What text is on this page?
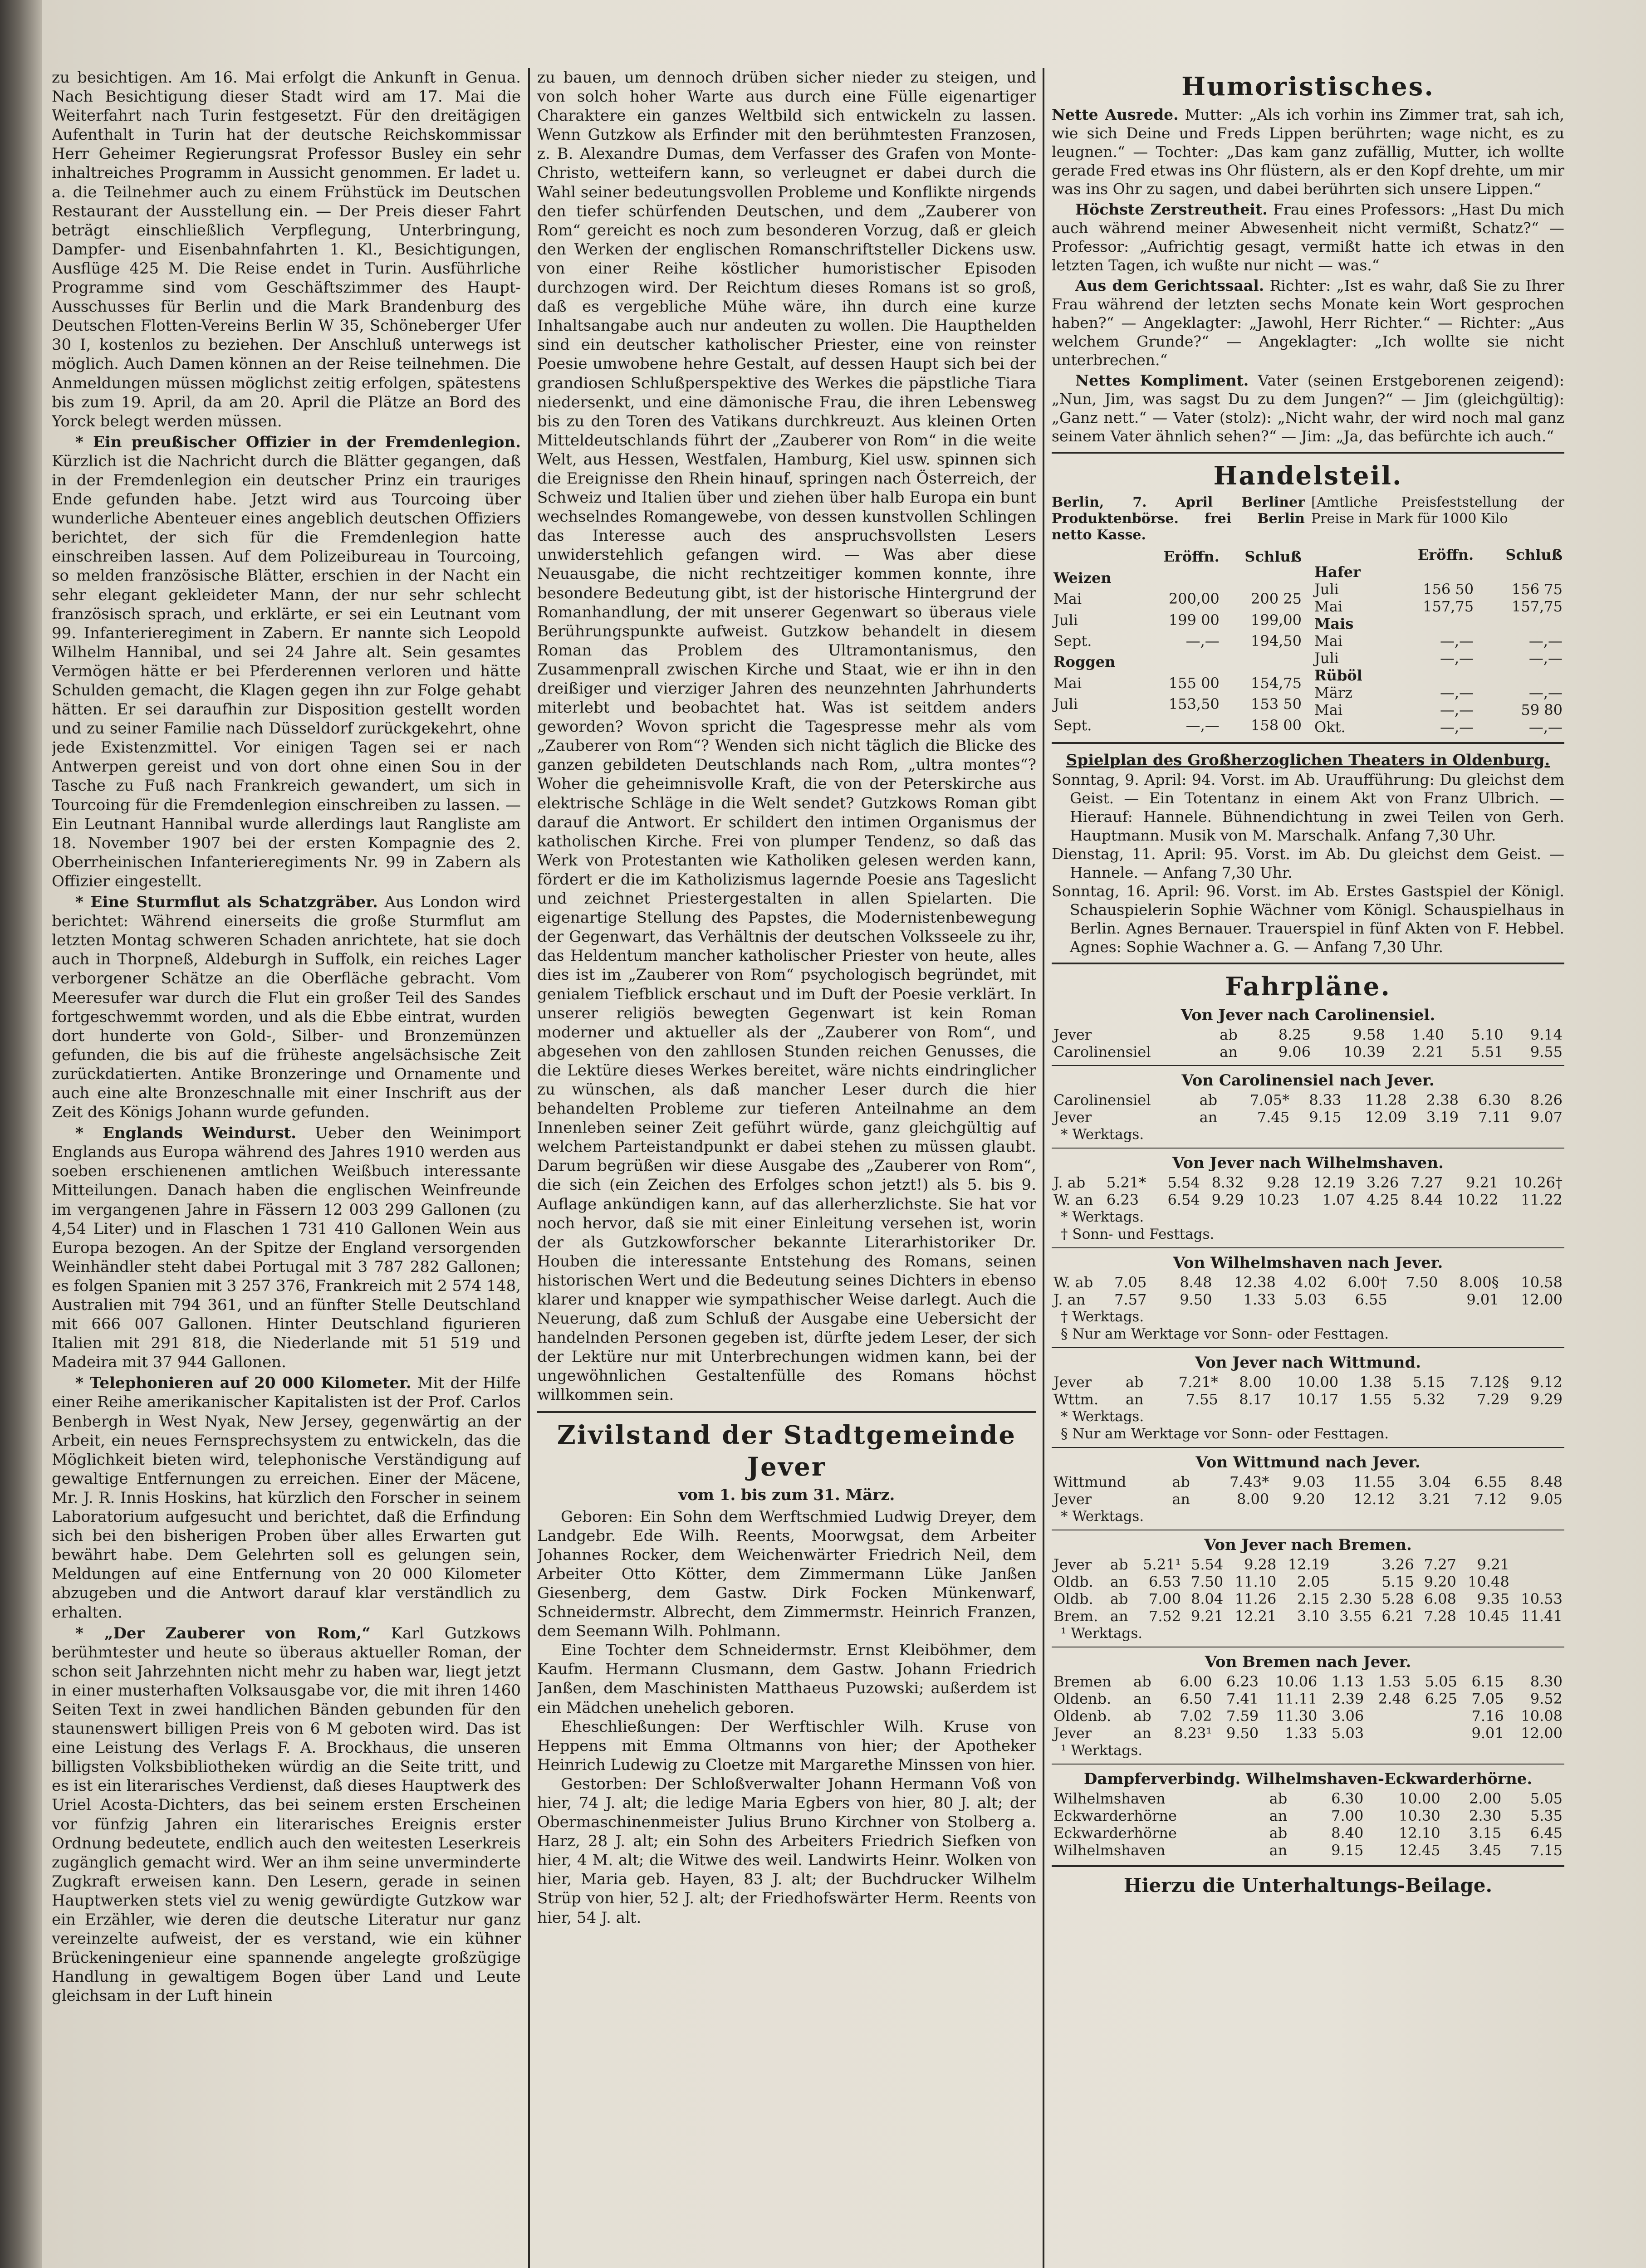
zu besichtigen. Am 16. Mai erfolgt die Ankunft in Genua. Nach Besichtigung dieser Stadt wird am 17. Mai die Weiterfahrt nach Turin festgesetzt. Für den dreitägigen Aufenthalt in Turin hat der deutsche Reichskommissar Herr Geheimer Regierungsrat Professor Busley ein sehr inhaltreiches Programm in Aussicht genommen. Er ladet u. a. die Teilnehmer auch zu einem Frühstück im Deutschen Restaurant der Ausstellung ein. — Der Preis dieser Fahrt beträgt einschließlich Verpflegung, Unterbringung, Dampfer- und Eisenbahnfahrten 1. Kl., Besichtigungen, Ausflüge 425 M. Die Reise endet in Turin. Ausführliche Programme sind vom Geschäftszimmer des Haupt-Ausschusses für Berlin und die Mark Brandenburg des Deutschen Flotten-Vereins Berlin W 35, Schöneberger Ufer 30 I, kostenlos zu beziehen. Der Anschluß unterwegs ist möglich. Auch Damen können an der Reise teilnehmen. Die Anmeldungen müssen möglichst zeitig erfolgen, spätestens bis zum 19. April, da am 20. April die Plätze an Bord des Yorck belegt werden müssen.

* Ein preußischer Offizier in der Fremdenlegion. Kürzlich ist die Nachricht durch die Blätter gegangen, daß in der Fremdenlegion ein deutscher Prinz ein trauriges Ende gefunden habe. Jetzt wird aus Tourcoing über wunderliche Abenteuer eines angeblich deutschen Offiziers berichtet, der sich für die Fremdenlegion hatte einschreiben lassen. Auf dem Polizeibureau in Tourcoing, so melden französische Blätter, erschien in der Nacht ein sehr elegant gekleideter Mann, der nur sehr schlecht französisch sprach, und erklärte, er sei ein Leutnant vom 99. Infanterieregiment in Zabern. Er nannte sich Leopold Wilhelm Hannibal, und sei 24 Jahre alt. Sein gesamtes Vermögen hätte er bei Pferderennen verloren und hätte Schulden gemacht, die Klagen gegen ihn zur Folge gehabt hätten. Er sei daraufhin zur Disposition gestellt worden und zu seiner Familie nach Düsseldorf zurückgekehrt, ohne jede Existenzmittel. Vor einigen Tagen sei er nach Antwerpen gereist und von dort ohne einen Sou in der Tasche zu Fuß nach Frankreich gewandert, um sich in Tourcoing für die Fremdenlegion einschreiben zu lassen. — Ein Leutnant Hannibal wurde allerdings laut Rangliste am 18. November 1907 bei der ersten Kompagnie des 2. Oberrheinischen Infanterieregiments Nr. 99 in Zabern als Offizier eingestellt.

* Eine Sturmflut als Schatzgräber. Aus London wird berichtet: Während einerseits die große Sturmflut am letzten Montag schweren Schaden anrichtete, hat sie doch auch in Thorpneß, Aldeburgh in Suffolk, ein reiches Lager verborgener Schätze an die Oberfläche gebracht. Vom Meeresufer war durch die Flut ein großer Teil des Sandes fortgeschwemmt worden, und als die Ebbe eintrat, wurden dort hunderte von Gold-, Silber- und Bronzemünzen gefunden, die bis auf die früheste angelsächsische Zeit zurückdatierten. Antike Bronzeringe und Ornamente und auch eine alte Bronzeschnalle mit einer Inschrift aus der Zeit des Königs Johann wurde gefunden.

* Englands Weindurst. Ueber den Weinimport Englands aus Europa während des Jahres 1910 werden aus soeben erschienenen amtlichen Weißbuch interessante Mitteilungen. Danach haben die englischen Weinfreunde im vergangenen Jahre in Fässern 12 003 299 Gallonen (zu 4,54 Liter) und in Flaschen 1 731 410 Gallonen Wein aus Europa bezogen. An der Spitze der England versorgenden Weinhändler steht dabei Portugal mit 3 787 282 Gallonen; es folgen Spanien mit 3 257 376, Frankreich mit 2 574 148, Australien mit 794 361, und an fünfter Stelle Deutschland mit 666 007 Gallonen. Hinter Deutschland figurieren Italien mit 291 818, die Niederlande mit 51 519 und Madeira mit 37 944 Gallonen.

* Telephonieren auf 20 000 Kilometer. Mit der Hilfe einer Reihe amerikanischer Kapitalisten ist der Prof. Carlos Benbergh in West Nyak, New Jersey, gegenwärtig an der Arbeit, ein neues Fernsprechsystem zu entwickeln, das die Möglichkeit bieten wird, telephonische Verständigung auf gewaltige Entfernungen zu erreichen. Einer der Mäcene, Mr. J. R. Innis Hoskins, hat kürzlich den Forscher in seinem Laboratorium aufgesucht und berichtet, daß die Erfindung sich bei den bisherigen Proben über alles Erwarten gut bewährt habe. Dem Gelehrten soll es gelungen sein, Meldungen auf eine Entfernung von 20 000 Kilometer abzugeben und die Antwort darauf klar verständlich zu erhalten.

* „Der Zauberer von Rom,“ Karl Gutzkows berühmtester und heute so überaus aktueller Roman, der schon seit Jahrzehnten nicht mehr zu haben war, liegt jetzt in einer musterhaften Volksausgabe vor, die mit ihren 1460 Seiten Text in zwei handlichen Bänden gebunden für den staunenswert billigen Preis von 6 M geboten wird. Das ist eine Leistung des Verlags F. A. Brockhaus, die unseren billigsten Volksbibliotheken würdig an die Seite tritt, und es ist ein literarisches Verdienst, daß dieses Hauptwerk des Uriel Acosta-Dichters, das bei seinem ersten Erscheinen vor fünfzig Jahren ein literarisches Ereignis erster Ordnung bedeutete, endlich auch den weitesten Leserkreis zugänglich gemacht wird. Wer an ihm seine unverminderte Zugkraft erweisen kann. Den Lesern, gerade in seinen Hauptwerken stets viel zu wenig gewürdigte Gutzkow war ein Erzähler, wie deren die deutsche Literatur nur ganz vereinzelte aufweist, der es verstand, wie ein kühner Brückeningenieur eine spannende angelegte großzügige Handlung in gewaltigem Bogen über Land und Leute gleichsam in der Luft hinein

zu bauen, um dennoch drüben sicher nieder zu steigen, und von solch hoher Warte aus durch eine Fülle eigenartiger Charaktere ein ganzes Weltbild sich entwickeln zu lassen. Wenn Gutzkow als Erfinder mit den berühmtesten Franzosen, z. B. Alexandre Dumas, dem Verfasser des Grafen von Monte-Christo, wetteifern kann, so verleugnet er dabei durch die Wahl seiner bedeutungsvollen Probleme und Konflikte nirgends den tiefer schürfenden Deutschen, und dem „Zauberer von Rom“ gereicht es noch zum besonderen Vorzug, daß er gleich den Werken der englischen Romanschriftsteller Dickens usw. von einer Reihe köstlicher humoristischer Episoden durchzogen wird. Der Reichtum dieses Romans ist so groß, daß es vergebliche Mühe wäre, ihn durch eine kurze Inhaltsangabe auch nur andeuten zu wollen. Die Haupthelden sind ein deutscher katholischer Priester, eine von reinster Poesie umwobene hehre Gestalt, auf dessen Haupt sich bei der grandiosen Schlußperspektive des Werkes die päpstliche Tiara niedersenkt, und eine dämonische Frau, die ihren Lebensweg bis zu den Toren des Vatikans durchkreuzt. Aus kleinen Orten Mitteldeutschlands führt der „Zauberer von Rom“ in die weite Welt, aus Hessen, Westfalen, Hamburg, Kiel usw. spinnen sich die Ereignisse den Rhein hinauf, springen nach Österreich, der Schweiz und Italien über und ziehen über halb Europa ein bunt wechselndes Romangewebe, von dessen kunstvollen Schlingen das Interesse auch des anspruchsvollsten Lesers unwiderstehlich gefangen wird. — Was aber diese Neuausgabe, die nicht rechtzeitiger kommen konnte, ihre besondere Bedeutung gibt, ist der historische Hintergrund der Romanhandlung, der mit unserer Gegenwart so überaus viele Berührungspunkte aufweist. Gutzkow behandelt in diesem Roman das Problem des Ultramontanismus, den Zusammenprall zwischen Kirche und Staat, wie er ihn in den dreißiger und vierziger Jahren des neunzehnten Jahrhunderts miterlebt und beobachtet hat. Was ist seitdem anders geworden? Wovon spricht die Tagespresse mehr als vom „Zauberer von Rom“? Wenden sich nicht täglich die Blicke des ganzen gebildeten Deutschlands nach Rom, „ultra montes“? Woher die geheimnisvolle Kraft, die von der Peterskirche aus elektrische Schläge in die Welt sendet? Gutzkows Roman gibt darauf die Antwort. Er schildert den intimen Organismus der katholischen Kirche. Frei von plumper Tendenz, so daß das Werk von Protestanten wie Katholiken gelesen werden kann, fördert er die im Katholizismus lagernde Poesie ans Tageslicht und zeichnet Priestergestalten in allen Spielarten. Die eigenartige Stellung des Papstes, die Modernistenbewegung der Gegenwart, das Verhältnis der deutschen Volksseele zu ihr, das Heldentum mancher katholischer Priester von heute, alles dies ist im „Zauberer von Rom“ psychologisch begründet, mit genialem Tiefblick erschaut und im Duft der Poesie verklärt. In unserer religiös bewegten Gegenwart ist kein Roman moderner und aktueller als der „Zauberer von Rom“, und abgesehen von den zahllosen Stunden reichen Genusses, die die Lektüre dieses Werkes bereitet, wäre nichts eindringlicher zu wünschen, als daß mancher Leser durch die hier behandelten Probleme zur tieferen Anteilnahme an dem Innenleben seiner Zeit geführt würde, ganz gleichgültig auf welchem Parteistandpunkt er dabei stehen zu müssen glaubt. Darum begrüßen wir diese Ausgabe des „Zauberer von Rom“, die sich (ein Zeichen des Erfolges schon jetzt!) als 5. bis 9. Auflage ankündigen kann, auf das allerherzlichste. Sie hat vor noch hervor, daß sie mit einer Einleitung versehen ist, worin der als Gutzkowforscher bekannte Literarhistoriker Dr. Houben die interessante Entstehung des Romans, seinen historischen Wert und die Bedeutung seines Dichters in ebenso klarer und knapper wie sympathischer Weise darlegt. Auch die Neuerung, daß zum Schluß der Ausgabe eine Uebersicht der handelnden Personen gegeben ist, dürfte jedem Leser, der sich der Lektüre nur mit Unterbrechungen widmen kann, bei der ungewöhnlichen Gestaltenfülle des Romans höchst willkommen sein.

Zivilstand der Stadtgemeinde Jever
vom 1. bis zum 31. März.

Geboren: Ein Sohn dem Werftschmied Ludwig Dreyer, dem Landgebr. Ede Wilh. Reents, Moorwgsat, dem Arbeiter Johannes Rocker, dem Weichenwärter Friedrich Neil, dem Arbeiter Otto Kötter, dem Zimmermann Lüke Janßen Giesenberg, dem Gastw. Dirk Focken Münkenwarf, Schneidermstr. Albrecht, dem Zimmermstr. Heinrich Franzen, dem Seemann Wilh. Pohlmann.

Eine Tochter dem Schneidermstr. Ernst Kleiböhmer, dem Kaufm. Hermann Clusmann, dem Gastw. Johann Friedrich Janßen, dem Maschinisten Matthaeus Puzowski; außerdem ist ein Mädchen unehelich geboren.

Eheschließungen: Der Werftischler Wilh. Kruse von Heppens mit Emma Oltmanns von hier; der Apotheker Heinrich Ludewig zu Cloetze mit Margarethe Minssen von hier.

Gestorben: Der Schloßverwalter Johann Hermann Voß von hier, 74 J. alt; die ledige Maria Egbers von hier, 80 J. alt; der Obermaschinenmeister Julius Bruno Kirchner von Stolberg a. Harz, 28 J. alt; ein Sohn des Arbeiters Friedrich Siefken von hier, 4 M. alt; die Witwe des weil. Landwirts Heinr. Wolken von hier, Maria geb. Hayen, 83 J. alt; der Buchdrucker Wilhelm Strüp von hier, 52 J. alt; der Friedhofswärter Herm. Reents von hier, 54 J. alt.

Humoristisches.

Nette Ausrede. Mutter: „Als ich vorhin ins Zimmer trat, sah ich, wie sich Deine und Freds Lippen berührten; wage nicht, es zu leugnen.“ — Tochter: „Das kam ganz zufällig, Mutter, ich wollte gerade Fred etwas ins Ohr flüstern, als er den Kopf drehte, um mir was ins Ohr zu sagen, und dabei berührten sich unsere Lippen.“

Höchste Zerstreutheit. Frau eines Professors: „Hast Du mich auch während meiner Abwesenheit nicht vermißt, Schatz?“ — Professor: „Aufrichtig gesagt, vermißt hatte ich etwas in den letzten Tagen, ich wußte nur nicht — was.“

Aus dem Gerichtssaal. Richter: „Ist es wahr, daß Sie zu Ihrer Frau während der letzten sechs Monate kein Wort gesprochen haben?“ — Angeklagter: „Jawohl, Herr Richter.“ — Richter: „Aus welchem Grunde?“ — Angeklagter: „Ich wollte sie nicht unterbrechen.“

Nettes Kompliment. Vater (seinen Erstgeborenen zeigend): „Nun, Jim, was sagst Du zu dem Jungen?“ — Jim (gleichgültig): „Ganz nett.“ — Vater (stolz): „Nicht wahr, der wird noch mal ganz seinem Vater ähnlich sehen?“ — Jim: „Ja, das befürchte ich auch.“

Handelsteil.
Berlin, 7. April Berliner Produktenbörse. frei Berlin netto Kasse.
[Amtliche Preisfeststellung der Preise in Mark für 1000 Kilo
	Eröffn.	Schluß
Weizen		
Mai	200,00	200 25
Juli	199 00	199,00
Sept.	—,—	194,50

Roggen		
Mai	155 00	154,75
Juli	153,50	153 50
Sept.	—,—	158 00
	Eröffn.	Schluß

Hafer		
Juli	156 50	156 75
Mai	157,75	157,75
Mais		
Mai	—,—	—,—
Juli	—,—	—,—
Rüböl		
März	—,—	—,—
Mai	—,—	59 80
Okt.	—,—	—,—
Spielplan des Großherzoglichen Theaters in Oldenburg.

Sonntag, 9. April: 94. Vorst. im Ab. Uraufführung: Du gleichst dem Geist. — Ein Totentanz in einem Akt von Franz Ulbrich. — Hierauf: Hannele. Bühnendichtung in zwei Teilen von Gerh. Hauptmann. Musik von M. Marschalk. Anfang 7,30 Uhr.

Dienstag, 11. April: 95. Vorst. im Ab. Du gleichst dem Geist. — Hannele. — Anfang 7,30 Uhr.

Sonntag, 16. April: 96. Vorst. im Ab. Erstes Gastspiel der Königl. Schauspielerin Sophie Wächner vom Königl. Schauspielhaus in Berlin. Agnes Bernauer. Trauerspiel in fünf Akten von F. Hebbel. Agnes: Sophie Wachner a. G. — Anfang 7,30 Uhr.

Fahrpläne.
Von Jever nach Carolinensiel.
Jever	ab	8.25	9.58	1.40	5.10	9.14
Carolinensiel	an	9.06	10.39	2.21	5.51	9.55
Von Carolinensiel nach Jever.
Carolinensiel	ab	7.05*	8.33	11.28	2.38	6.30	8.26
Jever	an	7.45	9.15	12.09	3.19	7.11	9.07
* Werktags.
Von Jever nach Wilhelmshaven.
J. ab	5.21*	5.54	8.32	9.28	12.19	3.26	7.27	9.21	10.26†
W. an	6.23	6.54	9.29	10.23	1.07	4.25	8.44	10.22	11.22
* Werktags.
† Sonn- und Festtags.
Von Wilhelmshaven nach Jever.
W. ab	7.05	8.48	12.38	4.02	6.00†	7.50	8.00§	10.58
J. an	7.57	9.50	1.33	5.03	6.55		9.01	12.00
† Werktags.
§ Nur am Werktage vor Sonn- oder Festtagen.
Von Jever nach Wittmund.
Jever	ab	7.21*	8.00	10.00	1.38	5.15	7.12§	9.12
Wttm.	an	7.55	8.17	10.17	1.55	5.32	7.29	9.29
* Werktags.
§ Nur am Werktage vor Sonn- oder Festtagen.
Von Wittmund nach Jever.
Wittmund	ab	7.43*	9.03	11.55	3.04	6.55	8.48
Jever	an	8.00	9.20	12.12	3.21	7.12	9.05
* Werktags.
Von Jever nach Bremen.
Jever	ab	5.21¹	5.54	9.28	12.19		3.26	7.27	9.21	
Oldb.	an	6.53	7.50	11.10	2.05		5.15	9.20	10.48	
Oldb.	ab	7.00	8.04	11.26	2.15	2.30	5.28	6.08	9.35	10.53
Brem.	an	7.52	9.21	12.21	3.10	3.55	6.21	7.28	10.45	11.41
¹ Werktags.
Von Bremen nach Jever.
Bremen	ab	6.00	6.23	10.06	1.13	1.53	5.05	6.15	8.30
Oldenb.	an	6.50	7.41	11.11	2.39	2.48	6.25	7.05	9.52
Oldenb.	ab	7.02	7.59	11.30	3.06			7.16	10.08
Jever	an	8.23¹	9.50	1.33	5.03			9.01	12.00
¹ Werktags.
Dampferverbindg. Wilhelmshaven-Eckwarderhörne.
Wilhelmshaven	ab	6.30	10.00	2.00	5.05
Eckwarderhörne	an	7.00	10.30	2.30	5.35
Eckwarderhörne	ab	8.40	12.10	3.15	6.45
Wilhelmshaven	an	9.15	12.45	3.45	7.15
Hierzu die Unterhaltungs-Beilage.
